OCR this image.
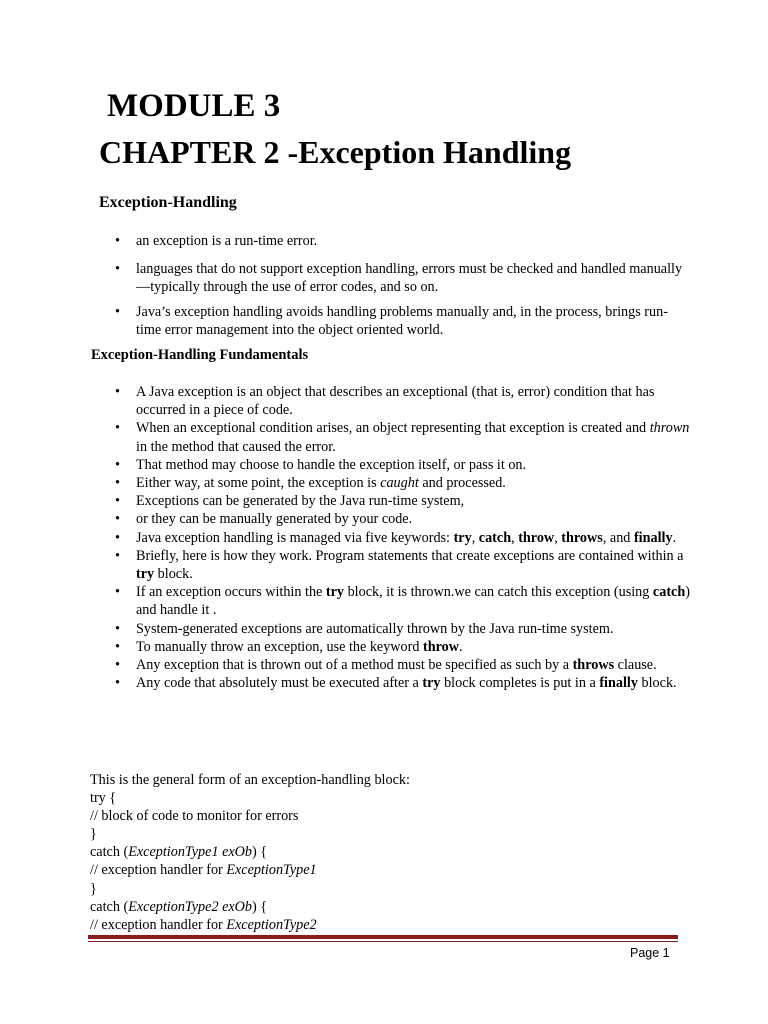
MODULE 3
CHAPTER 2 -Exception Handling
Exception-Handling
• an exception is a run-time error.
• languages that do not support exception handling, errors must be checked and handled manually—typically through the use of error codes, and so on.
• Java’s exception handling avoids handling problems manually and, in the process, brings run-time error management into the object oriented world.
Exception-Handling Fundamentals
• A Java exception is an object that describes an exceptional (that is, error) condition that has occurred in a piece of code.
• When an exceptional condition arises, an object representing that exception is created and thrown in the method that caused the error.
• That method may choose to handle the exception itself, or pass it on.
• Either way, at some point, the exception is caught and processed.
• Exceptions can be generated by the Java run-time system,
• or they can be manually generated by your code.
• Java exception handling is managed via five keywords: try, catch, throw, throws, and finally.
• Briefly, here is how they work. Program statements that create exceptions are contained within a try block.
• If an exception occurs within the try block, it is thrown.we can catch this exception (using catch) and handle it .
• System-generated exceptions are automatically thrown by the Java run-time system.
• To manually throw an exception, use the keyword throw.
• Any exception that is thrown out of a method must be specified as such by a throws clause.
• Any code that absolutely must be executed after a try block completes is put in a finally block.
This is the general form of an exception-handling block:
try {
// block of code to monitor for errors
}
catch (ExceptionType1 exOb) {
// exception handler for ExceptionType1
}
catch (ExceptionType2 exOb) {
// exception handler for ExceptionType2
Page 1
